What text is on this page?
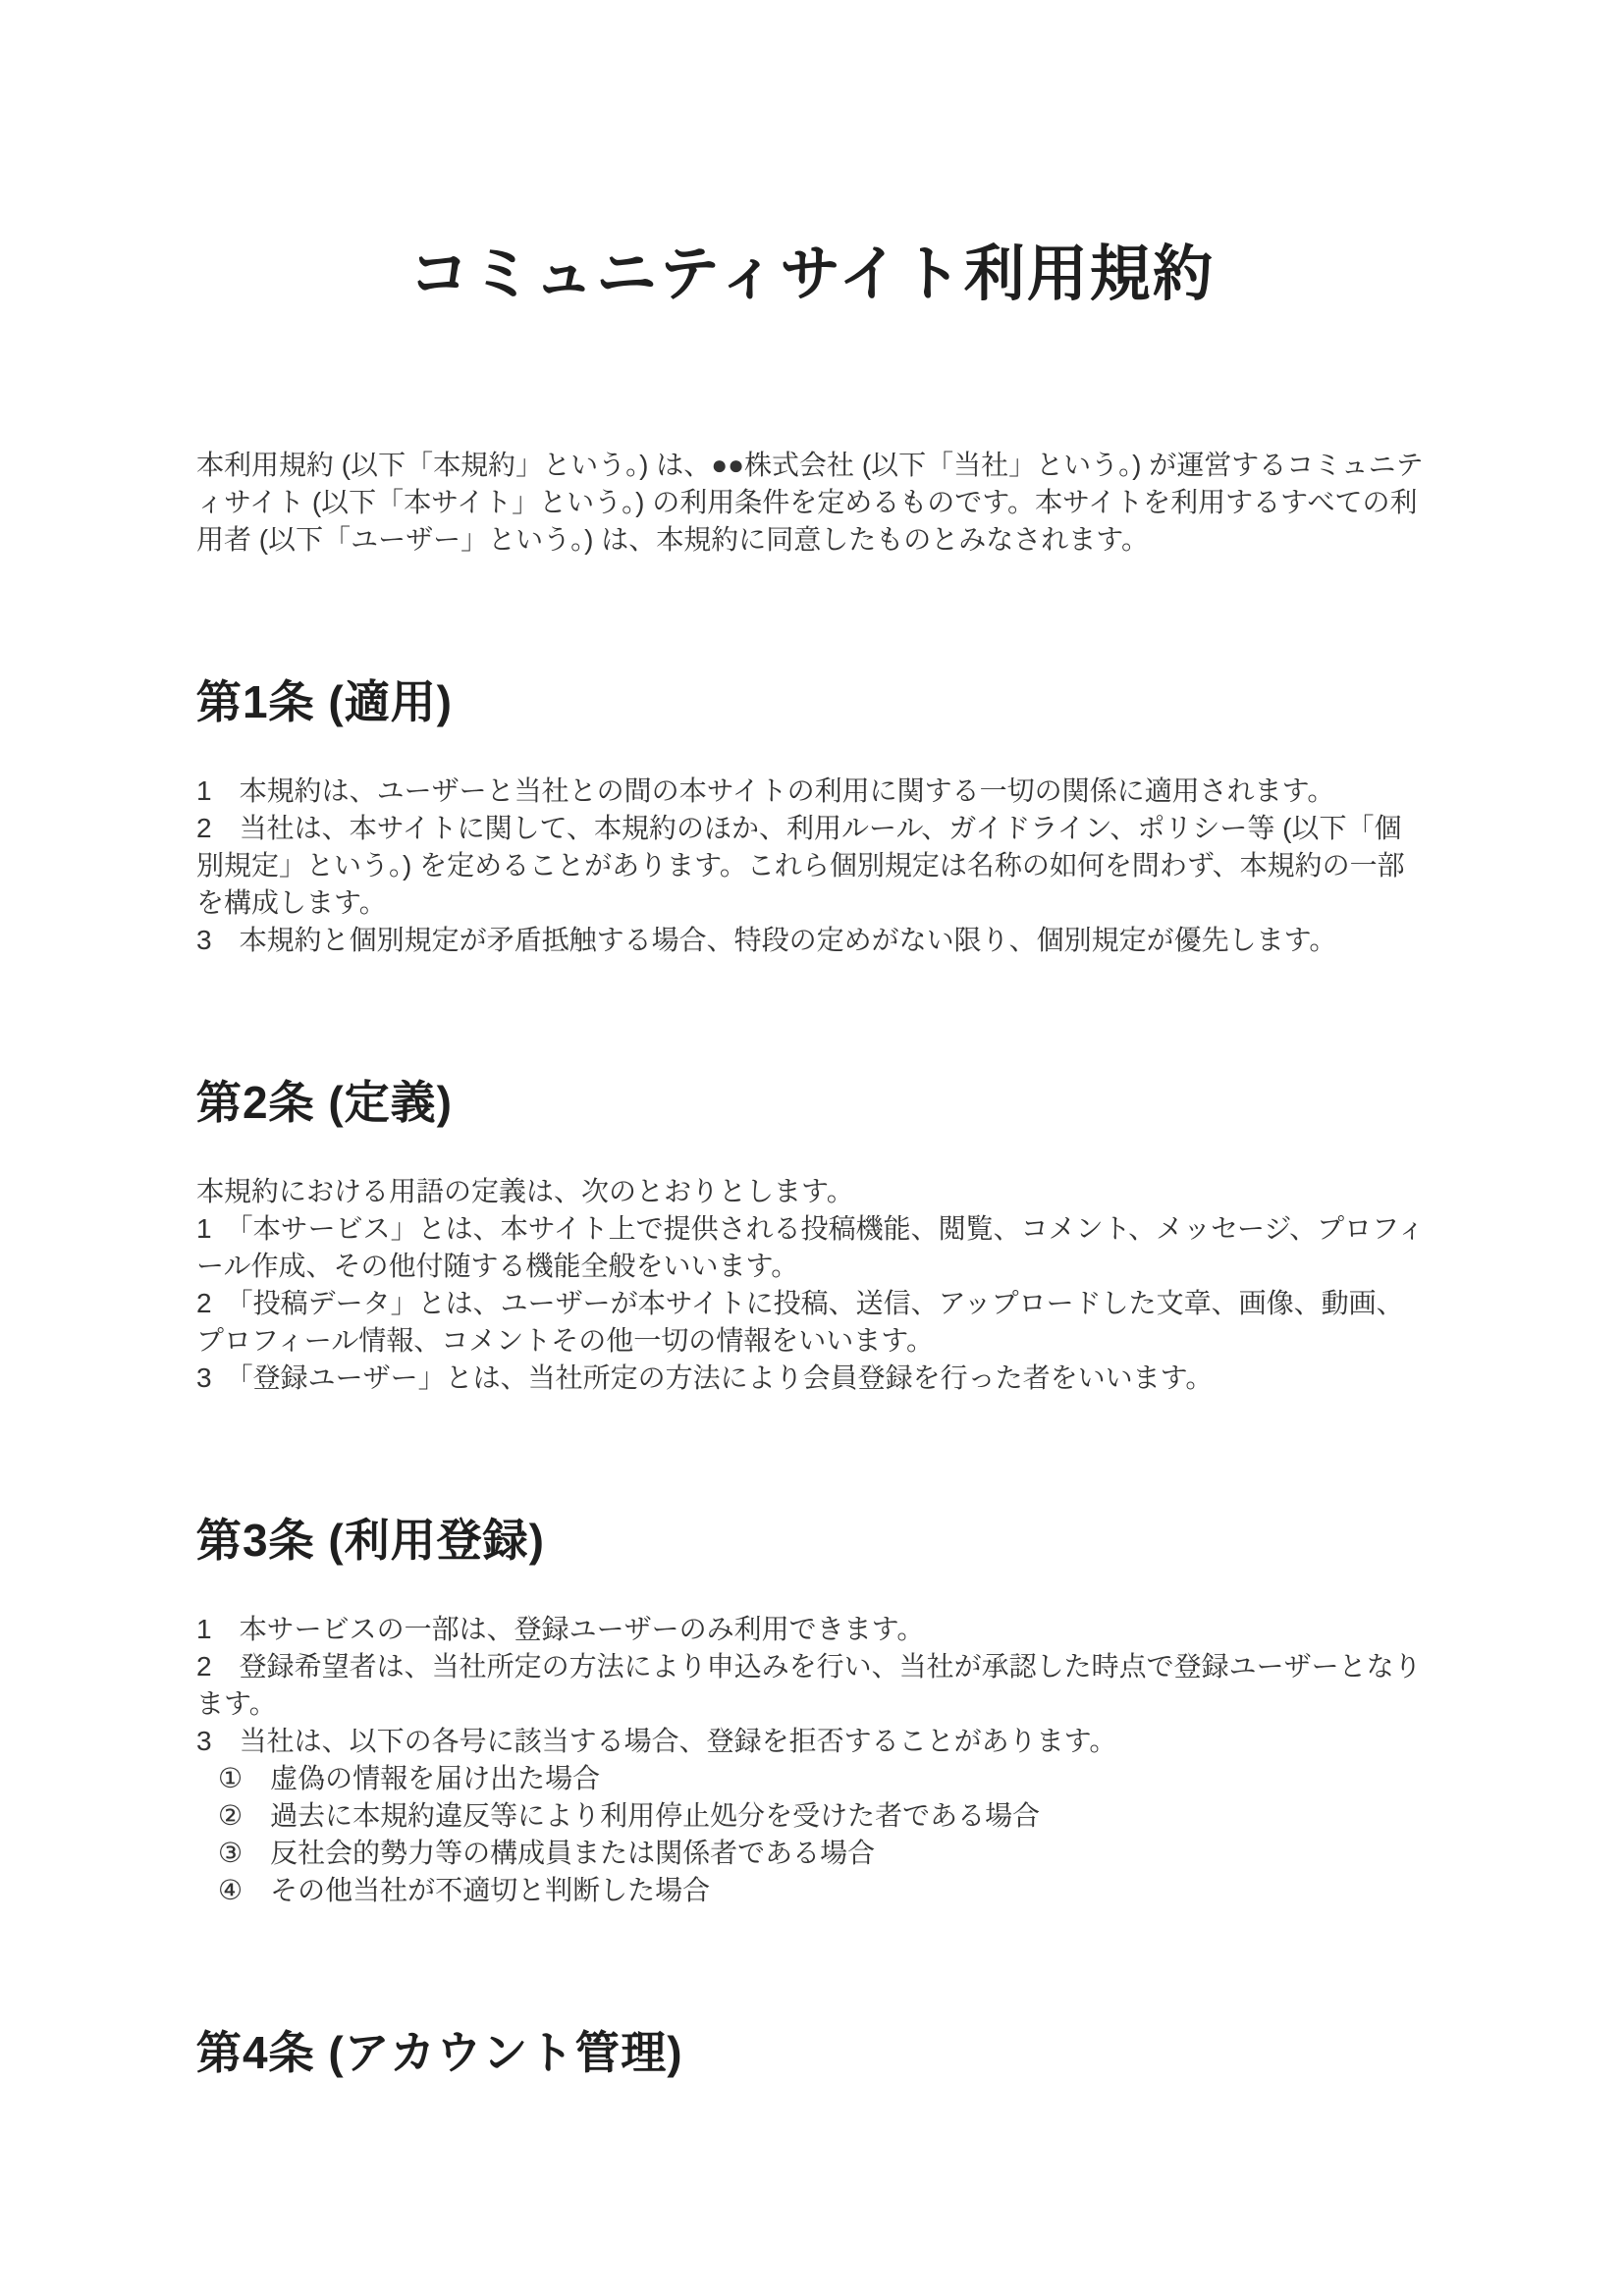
コミュニティサイト利用規約

本利用規約 (以下「本規約」という。) は、●●株式会社 (以下「当社」という。) が運営するコミュニティサイト (以下「本サイト」という。) の利用条件を定めるものです。本サイトを利用するすべての利用者 (以下「ユーザー」という。) は、本規約に同意したものとみなされます。

第1条 (適用)

1　本規約は、ユーザーと当社との間の本サイトの利用に関する一切の関係に適用されます。

2　当社は、本サイトに関して、本規約のほか、利用ルール、ガイドライン、ポリシー等 (以下「個別規定」という。) を定めることがあります。これら個別規定は名称の如何を問わず、本規約の一部を構成します。

3　本規約と個別規定が矛盾抵触する場合、特段の定めがない限り、個別規定が優先します。

第2条 (定義)

本規約における用語の定義は、次のとおりとします。

1　「本サービス」とは、本サイト上で提供される投稿機能、閲覧、コメント、メッセージ、プロフィール作成、その他付随する機能全般をいいます。

2　「投稿データ」とは、ユーザーが本サイトに投稿、送信、アップロードした文章、画像、動画、プロフィール情報、コメントその他一切の情報をいいます。

3　「登録ユーザー」とは、当社所定の方法により会員登録を行った者をいいます。

第3条 (利用登録)

1　本サービスの一部は、登録ユーザーのみ利用できます。

2　登録希望者は、当社所定の方法により申込みを行い、当社が承認した時点で登録ユーザーとなります。

3　当社は、以下の各号に該当する場合、登録を拒否することがあります。

①　虚偽の情報を届け出た場合

②　過去に本規約違反等により利用停止処分を受けた者である場合

③　反社会的勢力等の構成員または関係者である場合

④　その他当社が不適切と判断した場合

第4条 (アカウント管理)
